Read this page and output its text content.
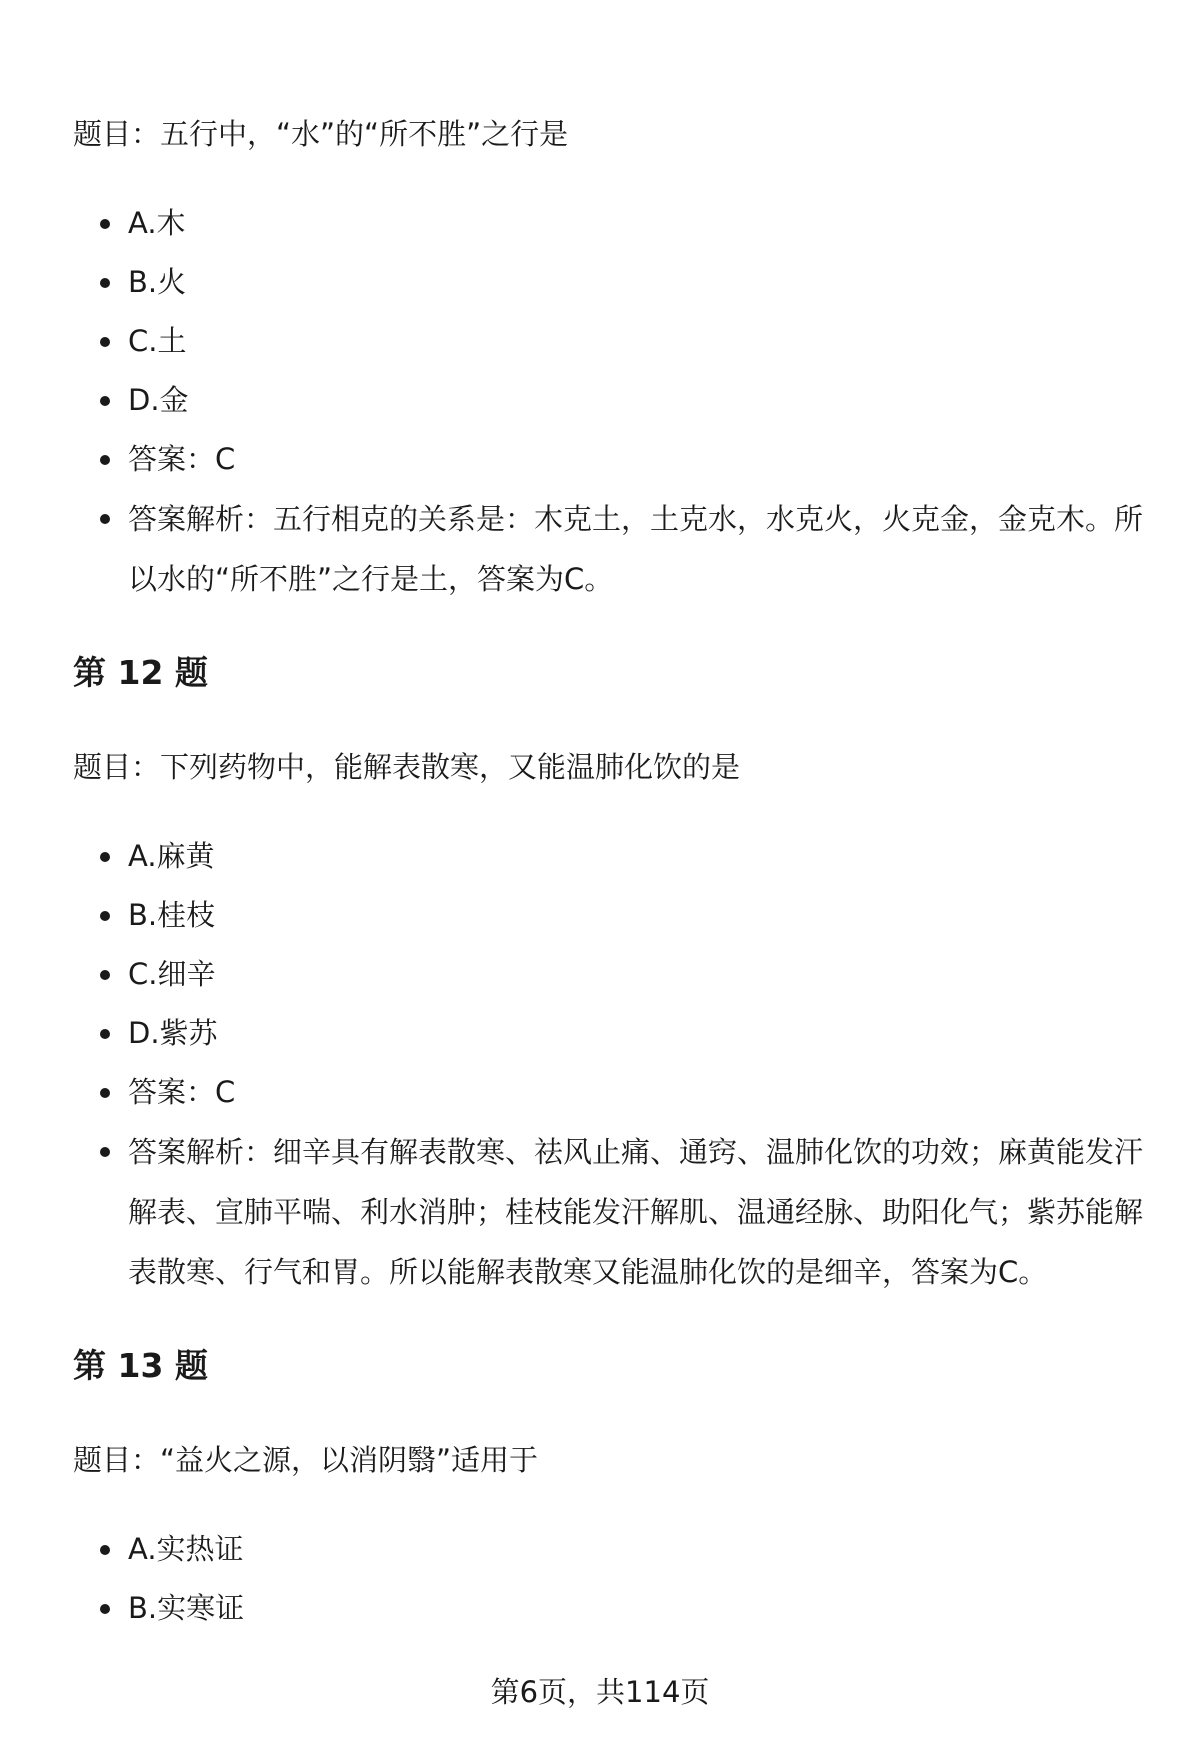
题目：五行中，“水”的“所不胜”之行是

A.木
B.火
C.土
D.金
答案：C
答案解析：五行相克的关系是：木克土，土克水，水克火，火克金，金克木。所以水的“所不胜”之行是土，答案为C。
第 12 题

题目：下列药物中，能解表散寒，又能温肺化饮的是

A.麻黄
B.桂枝
C.细辛
D.紫苏
答案：C
答案解析：细辛具有解表散寒、祛风止痛、通窍、温肺化饮的功效；麻黄能发汗解表、宣肺平喘、利水消肿；桂枝能发汗解肌、温通经脉、助阳化气；紫苏能解表散寒、行气和胃。所以能解表散寒又能温肺化饮的是细辛，答案为C。
第 13 题

题目：“益火之源，以消阴翳”适用于

A.实热证
B.实寒证
第6页，共114页
